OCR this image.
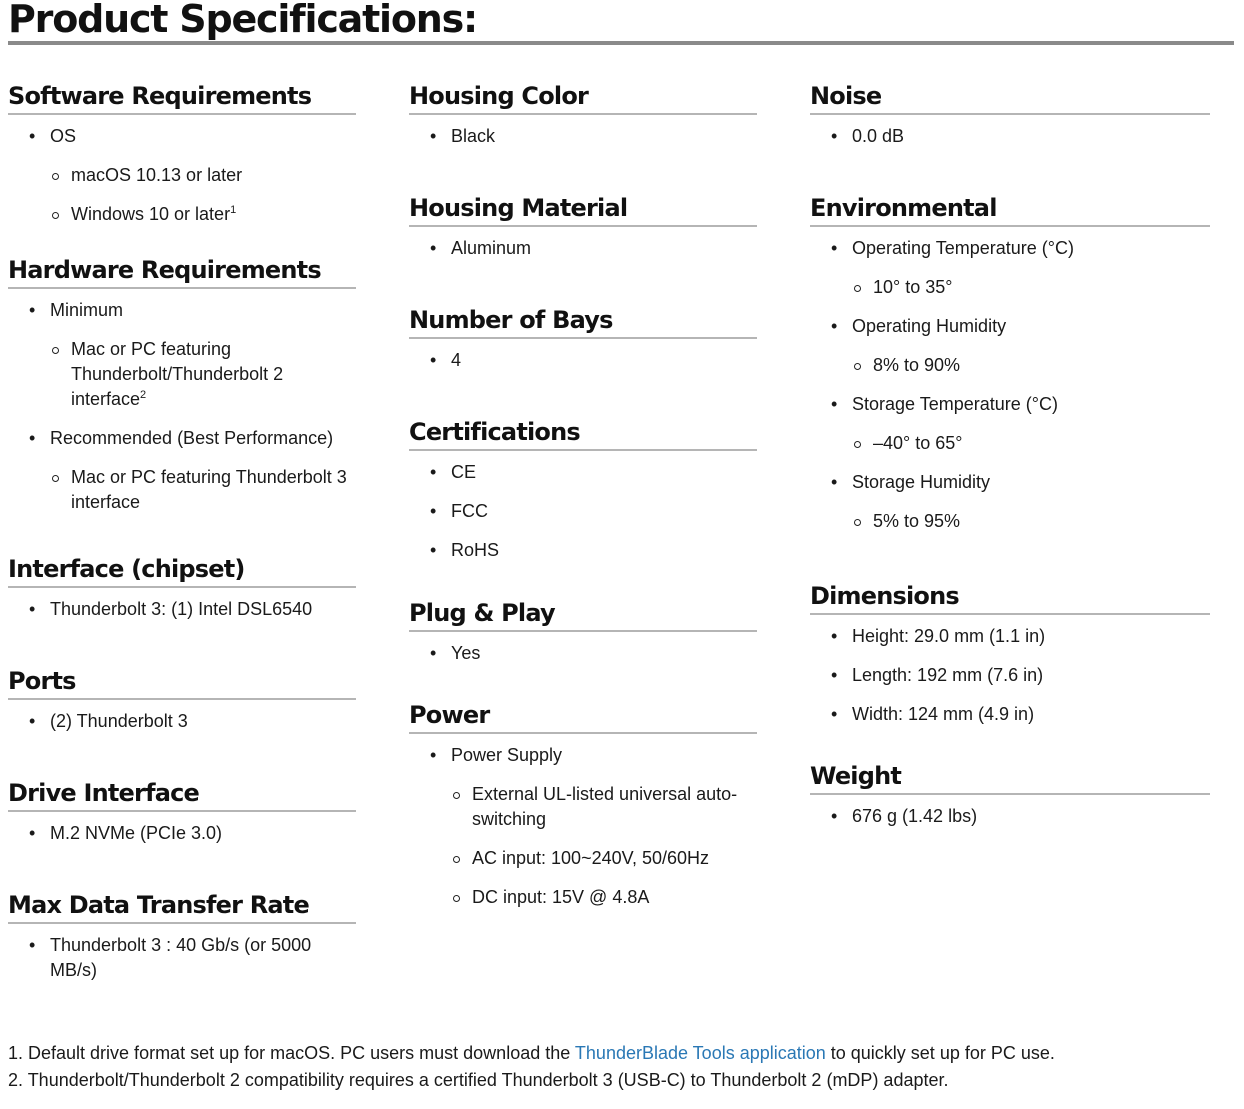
Product Specifications:
Software Requirements
• OS
macOS 10.13 or later
Windows 10 or later$^1$
Hardware Requirements
• Minimum
Mac or PC featuring Thunderbolt/Thunderbolt 2 interface$^2$
• Recommended (Best Performance)
Mac or PC featuring Thunderbolt 3 interface
Interface (chipset)
• Thunderbolt 3: (1) Intel DSL6540
Ports
• (2) Thunderbolt 3
Drive Interface
• M.2 NVMe (PCIe 3.0)
Max Data Transfer Rate
• Thunderbolt 3 : 40 Gb/s (or 5000 MB/s)
Housing Color
• Black
Housing Material
• Aluminum
Number of Bays
• 4
Certifications
• CE
• FCC
• RoHS
Plug & Play
• Yes
Power
• Power Supply
External UL-listed universal auto-switching
AC input: 100~240V, 50/60Hz
DC input: 15V @ 4.8A
Noise
• 0.0 dB
Environmental
• Operating Temperature (°C)
10° to 35°
• Operating Humidity
8% to 90%
• Storage Temperature (°C)
–40° to 65°
• Storage Humidity
5% to 95%
Dimensions
• Height: 29.0 mm (1.1 in)
• Length: 192 mm (7.6 in)
• Width: 124 mm (4.9 in)
Weight
• 676 g (1.42 lbs)

1. Default drive format set up for macOS. PC users must download the ThunderBlade Tools application to quickly set up for PC use.

2. Thunderbolt/Thunderbolt 2 compatibility requires a certified Thunderbolt 3 (USB-C) to Thunderbolt 2 (mDP) adapter.
